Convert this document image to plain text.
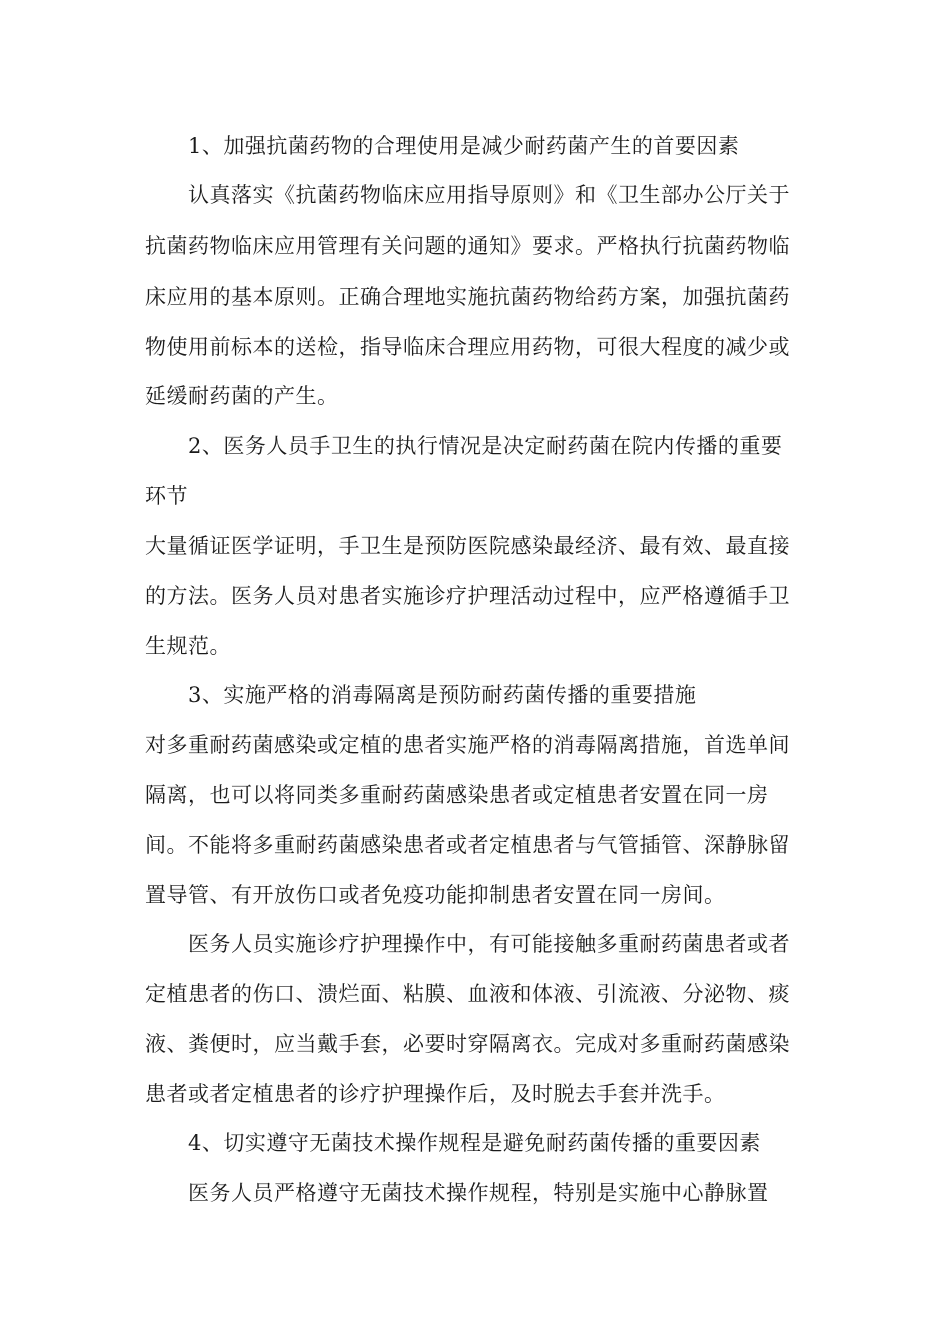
1、加强抗菌药物的合理使用是减少耐药菌产生的首要因素
认真落实《抗菌药物临床应用指导原则》和《卫生部办公厅关于
抗菌药物临床应用管理有关问题的通知》要求。严格执行抗菌药物临
床应用的基本原则。正确合理地实施抗菌药物给药方案，加强抗菌药
物使用前标本的送检，指导临床合理应用药物，可很大程度的减少或
延缓耐药菌的产生。
2、医务人员手卫生的执行情况是决定耐药菌在院内传播的重要
环节
大量循证医学证明，手卫生是预防医院感染最经济、最有效、最直接
的方法。医务人员对患者实施诊疗护理活动过程中，应严格遵循手卫
生规范。
3、实施严格的消毒隔离是预防耐药菌传播的重要措施
对多重耐药菌感染或定植的患者实施严格的消毒隔离措施，首选单间
隔离，也可以将同类多重耐药菌感染患者或定植患者安置在同一房
间。不能将多重耐药菌感染患者或者定植患者与气管插管、深静脉留
置导管、有开放伤口或者免疫功能抑制患者安置在同一房间。
医务人员实施诊疗护理操作中，有可能接触多重耐药菌患者或者
定植患者的伤口、溃烂面、粘膜、血液和体液、引流液、分泌物、痰
液、粪便时，应当戴手套，必要时穿隔离衣。完成对多重耐药菌感染
患者或者定植患者的诊疗护理操作后，及时脱去手套并洗手。
4、切实遵守无菌技术操作规程是避免耐药菌传播的重要因素
医务人员严格遵守无菌技术操作规程，特别是实施中心静脉置
